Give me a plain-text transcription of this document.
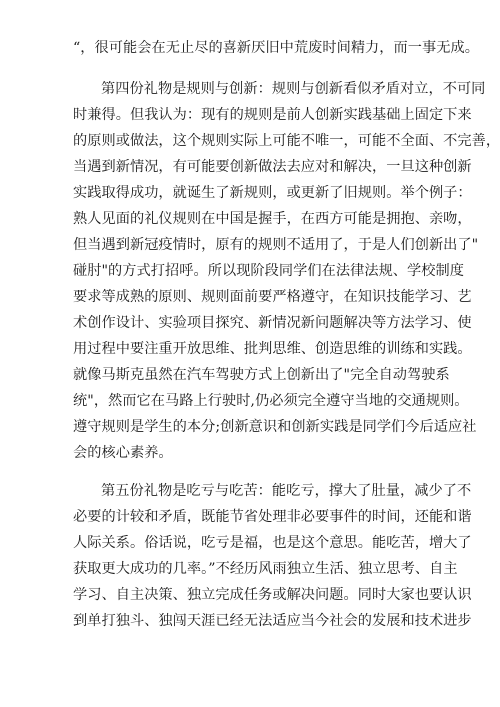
“，很可能会在无止尽的喜新厌旧中荒废时间精力，而一事无成。
第四份礼物是规则与创新：规则与创新看似矛盾对立，不可同
时兼得。但我认为：现有的规则是前人创新实践基础上固定下来
的原则或做法，这个规则实际上可能不唯一，可能不全面、不完善，
当遇到新情况，有可能要创新做法去应对和解决，一旦这种创新
实践取得成功，就诞生了新规则，或更新了旧规则。举个例子：
熟人见面的礼仪规则在中国是握手，在西方可能是拥抱、亲吻，
但当遇到新冠疫情时，原有的规则不适用了，于是人们创新出了"
碰肘"的方式打招呼。所以现阶段同学们在法律法规、学校制度
要求等成熟的原则、规则面前要严格遵守，在知识技能学习、艺
术创作设计、实验项目探究、新情况新问题解决等方法学习、使
用过程中要注重开放思维、批判思维、创造思维的训练和实践。
就像马斯克虽然在汽车驾驶方式上创新出了"完全自动驾驶系
统"，然而它在马路上行驶时,仍必须完全遵守当地的交通规则。
遵守规则是学生的本分;创新意识和创新实践是同学们今后适应社
会的核心素养。
第五份礼物是吃亏与吃苦：能吃亏，撑大了肚量，减少了不
必要的计较和矛盾，既能节省处理非必要事件的时间，还能和谐
人际关系。俗话说，吃亏是福，也是这个意思。能吃苦，增大了
获取更大成功的几率。”不经历风雨独立生活、独立思考、自主
学习、自主决策、独立完成任务或解决问题。同时大家也要认识
到单打独斗、独闯天涯已经无法适应当今社会的发展和技术进步
